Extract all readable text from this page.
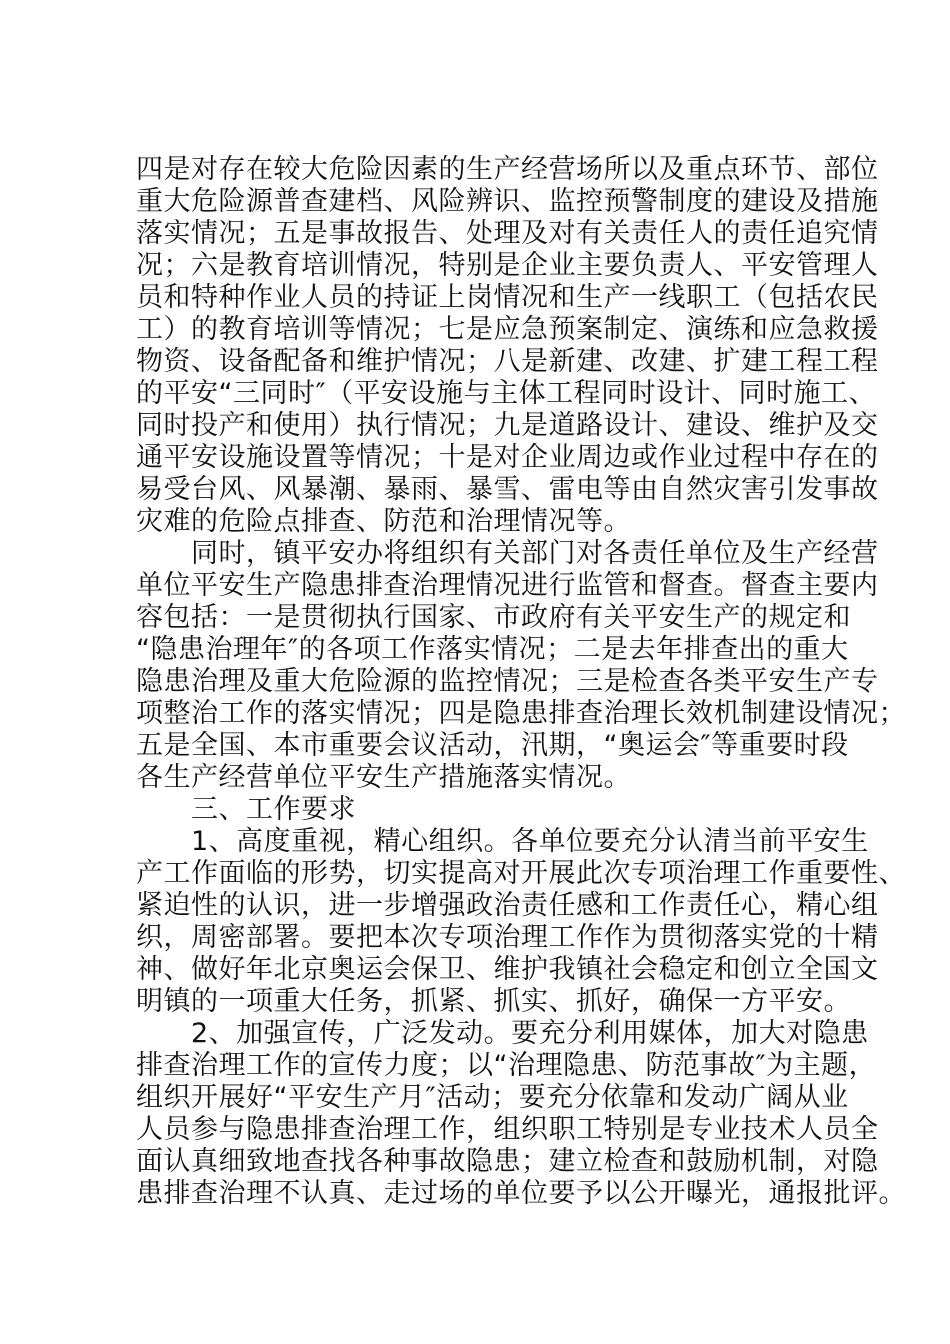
四是对存在较大危险因素的生产经营场所以及重点环节、部位
重大危险源普查建档、风险辨识、监控预警制度的建设及措施
落实情况；五是事故报告、处理及对有关责任人的责任追究情
况；六是教育培训情况，特别是企业主要负责人、平安管理人
员和特种作业人员的持证上岗情况和生产一线职工（包括农民
工）的教育培训等情况；七是应急预案制定、演练和应急救援
物资、设备配备和维护情况；八是新建、改建、扩建工程工程
的平安“三同时″（平安设施与主体工程同时设计、同时施工、
同时投产和使用）执行情况；九是道路设计、建设、维护及交
通平安设施设置等情况；十是对企业周边或作业过程中存在的
易受台风、风暴潮、暴雨、暴雪、雷电等由自然灾害引发事故
灾难的危险点排查、防范和治理情况等。
　　同时，镇平安办将组织有关部门对各责任单位及生产经营
单位平安生产隐患排查治理情况进行监管和督查。督查主要内
容包括：一是贯彻执行国家、市政府有关平安生产的规定和
“隐患治理年″的各项工作落实情况；二是去年排查出的重大
隐患治理及重大危险源的监控情况；三是检查各类平安生产专
项整治工作的落实情况；四是隐患排查治理长效机制建设情况；
五是全国、本市重要会议活动，汛期，“奥运会″等重要时段
各生产经营单位平安生产措施落实情况。
　　三、工作要求
　　1、高度重视，精心组织。各单位要充分认清当前平安生
产工作面临的形势，切实提高对开展此次专项治理工作重要性、
紧迫性的认识，进一步增强政治责任感和工作责任心，精心组
织，周密部署。要把本次专项治理工作作为贯彻落实党的十精
神、做好年北京奥运会保卫、维护我镇社会稳定和创立全国文
明镇的一项重大任务，抓紧、抓实、抓好，确保一方平安。
　　2、加强宣传，广泛发动。要充分利用媒体，加大对隐患
排查治理工作的宣传力度；以“治理隐患、防范事故″为主题，
组织开展好“平安生产月″活动；要充分依靠和发动广阔从业
人员参与隐患排查治理工作，组织职工特别是专业技术人员全
面认真细致地查找各种事故隐患；建立检查和鼓励机制，对隐
患排查治理不认真、走过场的单位要予以公开曝光，通报批评。
